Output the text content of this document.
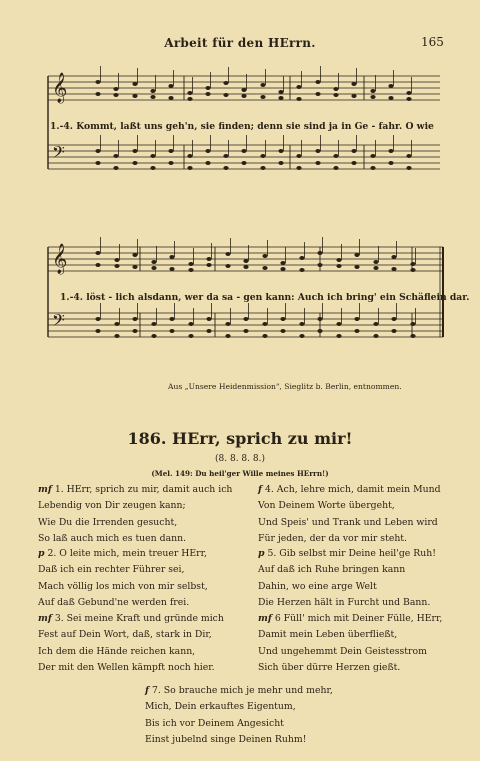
Arbeit für den HErrn.	165
𝄞
𝄢
𝄞
𝄢
1.-4. Kommt, laßt uns geh'n, sie finden; denn sie sind ja in Ge - fahr. O wie
1.-4. löst - lich alsdann, wer da sa - gen kann: Auch ich bring' ein Schäflein dar.
Aus „Unsere Heidenmission", Sieglitz b. Berlin, entnommen.
186. HErr, sprich zu mir!
(8. 8. 8. 8.)
(Mel. 149: Du heil'ger Wille meines HErrn!)
mf 1. HErr, sprich zu mir, damit auch ich
Lebendig von Dir zeugen kann;
Wie Du die Irrenden gesucht,
So laß auch mich es tuen dann.
f 4. Ach, lehre mich, damit mein Mund
Von Deinem Worte übergeht,
Und Speis' und Trank und Leben wird
Für jeden, der da vor mir steht.
p 2. O leite mich, mein treuer HErr,
Daß ich ein rechter Führer sei,
Mach völlig los mich von mir selbst,
Auf daß Gebund'ne werden frei.
p 5. Gib selbst mir Deine heil'ge Ruh!
Auf daß ich Ruhe bringen kann
Dahin, wo eine arge Welt
Die Herzen hält in Furcht und Bann.
mf 3. Sei meine Kraft und gründe mich
Fest auf Dein Wort, daß, stark in Dir,
Ich dem die Hände reichen kann,
Der mit den Wellen kämpft noch hier.
mf 6 Füll' mich mit Deiner Fülle, HErr,
Damit mein Leben überfließt,
Und ungehemmt Dein Geistesstrom
Sich über dürre Herzen gießt.
f 7. So brauche mich je mehr und mehr,
Mich, Dein erkauftes Eigentum,
Bis ich vor Deinem Angesicht
Einst jubelnd singe Deinen Ruhm!
